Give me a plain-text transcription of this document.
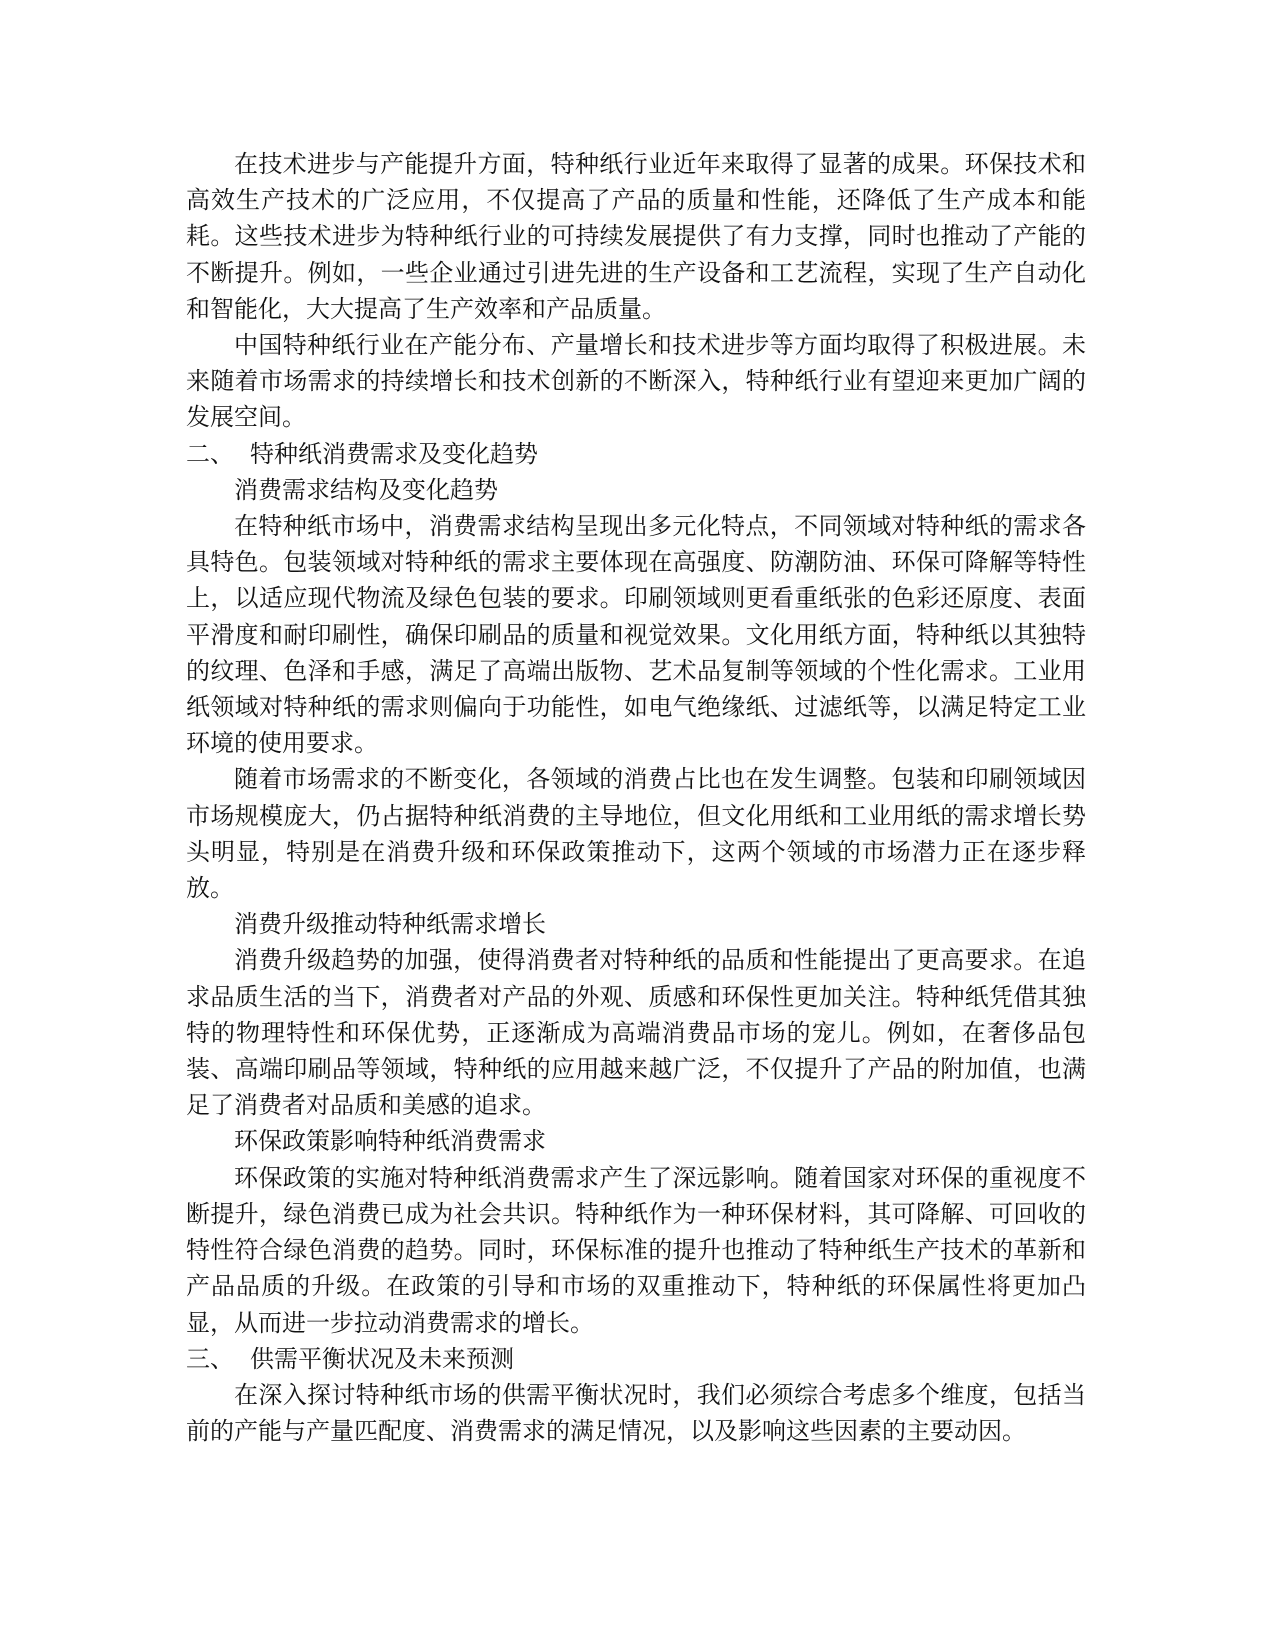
在技术进步与产能提升方面，特种纸行业近年来取得了显著的成果。环保技术和高效生产技术的广泛应用，不仅提高了产品的质量和性能，还降低了生产成本和能耗。这些技术进步为特种纸行业的可持续发展提供了有力支撑，同时也推动了产能的不断提升。例如，一些企业通过引进先进的生产设备和工艺流程，实现了生产自动化和智能化，大大提高了生产效率和产品质量。

中国特种纸行业在产能分布、产量增长和技术进步等方面均取得了积极进展。未来随着市场需求的持续增长和技术创新的不断深入，特种纸行业有望迎来更加广阔的发展空间。

二、 特种纸消费需求及变化趋势

消费需求结构及变化趋势

在特种纸市场中，消费需求结构呈现出多元化特点，不同领域对特种纸的需求各具特色。包装领域对特种纸的需求主要体现在高强度、防潮防油、环保可降解等特性上，以适应现代物流及绿色包装的要求。印刷领域则更看重纸张的色彩还原度、表面平滑度和耐印刷性，确保印刷品的质量和视觉效果。文化用纸方面，特种纸以其独特的纹理、色泽和手感，满足了高端出版物、艺术品复制等领域的个性化需求。工业用纸领域对特种纸的需求则偏向于功能性，如电气绝缘纸、过滤纸等，以满足特定工业环境的使用要求。

随着市场需求的不断变化，各领域的消费占比也在发生调整。包装和印刷领域因市场规模庞大，仍占据特种纸消费的主导地位，但文化用纸和工业用纸的需求增长势头明显，特别是在消费升级和环保政策推动下，这两个领域的市场潜力正在逐步释放。

消费升级推动特种纸需求增长

消费升级趋势的加强，使得消费者对特种纸的品质和性能提出了更高要求。在追求品质生活的当下，消费者对产品的外观、质感和环保性更加关注。特种纸凭借其独特的物理特性和环保优势，正逐渐成为高端消费品市场的宠儿。例如，在奢侈品包装、高端印刷品等领域，特种纸的应用越来越广泛，不仅提升了产品的附加值，也满足了消费者对品质和美感的追求。

环保政策影响特种纸消费需求

环保政策的实施对特种纸消费需求产生了深远影响。随着国家对环保的重视度不断提升，绿色消费已成为社会共识。特种纸作为一种环保材料，其可降解、可回收的特性符合绿色消费的趋势。同时，环保标准的提升也推动了特种纸生产技术的革新和产品品质的升级。在政策的引导和市场的双重推动下，特种纸的环保属性将更加凸显，从而进一步拉动消费需求的增长。

三、 供需平衡状况及未来预测

在深入探讨特种纸市场的供需平衡状况时，我们必须综合考虑多个维度，包括当前的产能与产量匹配度、消费需求的满足情况，以及影响这些因素的主要动因。
